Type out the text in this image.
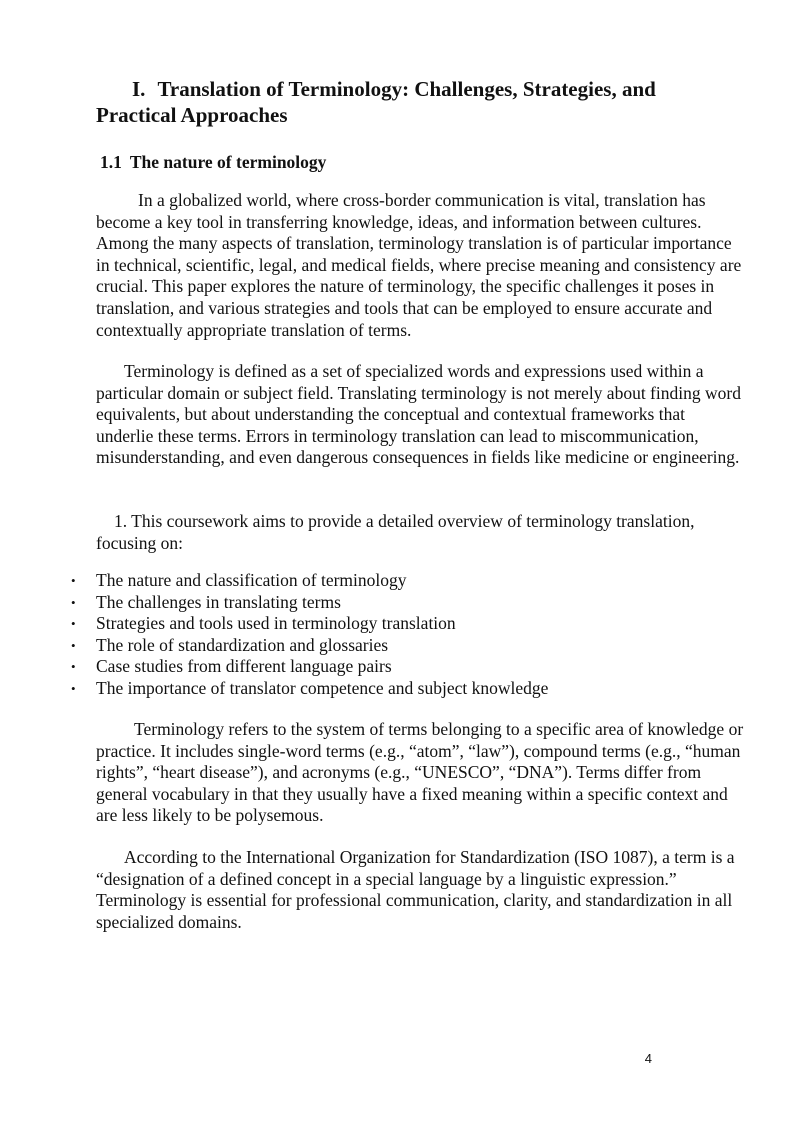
I. Translation of Terminology: Challenges, Strategies, and Practical Approaches
1.1 The nature of terminology

In a globalized world, where cross-border communication is vital, translation has become a key tool in transferring knowledge, ideas, and information between cultures. Among the many aspects of translation, terminology translation is of particular importance in technical, scientific, legal, and medical fields, where precise meaning and consistency are crucial. This paper explores the nature of terminology, the specific challenges it poses in translation, and various strategies and tools that can be employed to ensure accurate and contextually appropriate translation of terms.

Terminology is defined as a set of specialized words and expressions used within a particular domain or subject field. Translating terminology is not merely about finding word equivalents, but about understanding the conceptual and contextual frameworks that underlie these terms. Errors in terminology translation can lead to miscommunication, misunderstanding, and even dangerous consequences in fields like medicine or engineering.

1. This coursework aims to provide a detailed overview of terminology translation, focusing on:

• The nature and classification of terminology
• The challenges in translating terms
• Strategies and tools used in terminology translation
• The role of standardization and glossaries
• Case studies from different language pairs
• The importance of translator competence and subject knowledge

Terminology refers to the system of terms belonging to a specific area of knowledge or practice. It includes single-word terms (e.g., “atom”, “law”), compound terms (e.g., “human rights”, “heart disease”), and acronyms (e.g., “UNESCO”, “DNA”). Terms differ from general vocabulary in that they usually have a fixed meaning within a specific context and are less likely to be polysemous.

According to the International Organization for Standardization (ISO 1087), a term is a “designation of a defined concept in a special language by a linguistic expression.” Terminology is essential for professional communication, clarity, and standardization in all specialized domains.

4
